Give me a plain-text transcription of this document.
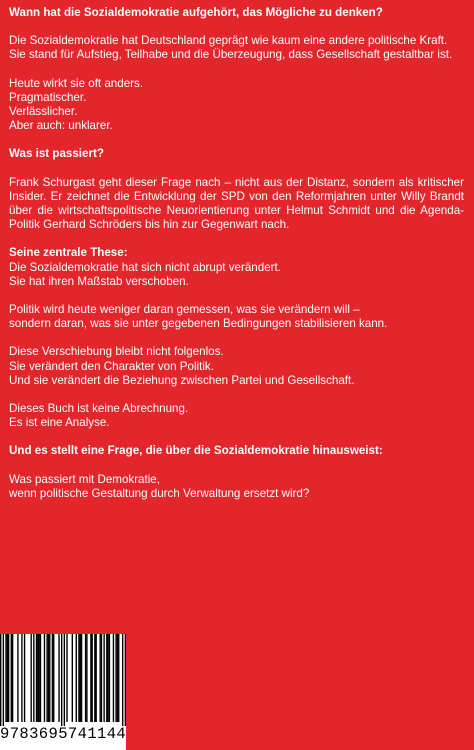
Wann hat die Sozialdemokratie aufgehört, das Mögliche zu denken?

Die Sozialdemokratie hat Deutschland geprägt wie kaum eine andere politische Kraft.
Sie stand für Aufstieg, Teilhabe und die Überzeugung, dass Gesellschaft gestaltbar ist.

Heute wirkt sie oft anders.
Pragmatischer.
Verlässlicher.
Aber auch: unklarer.

Was ist passiert?

Frank Schurgast geht dieser Frage nach – nicht aus der Distanz, sondern als kritischer Insider. Er zeichnet die Entwicklung der SPD von den Reformjahren unter Willy Brandt über die wirtschaftspolitische Neuorientierung unter Helmut Schmidt und die Agenda-Politik Gerhard Schröders bis hin zur Gegenwart nach.

Seine zentrale These:

Die Sozialdemokratie hat sich nicht abrupt verändert.
Sie hat ihren Maßstab verschoben.

Politik wird heute weniger daran gemessen, was sie verändern will –
sondern daran, was sie unter gegebenen Bedingungen stabilisieren kann.

Diese Verschiebung bleibt nicht folgenlos.
Sie verändert den Charakter von Politik.
Und sie verändert die Beziehung zwischen Partei und Gesellschaft.

Dieses Buch ist keine Abrechnung.
Es ist eine Analyse.

Und es stellt eine Frage, die über die Sozialdemokratie hinausweist:

Was passiert mit Demokratie,
wenn politische Gestaltung durch Verwaltung ersetzt wird?

9783695741144
